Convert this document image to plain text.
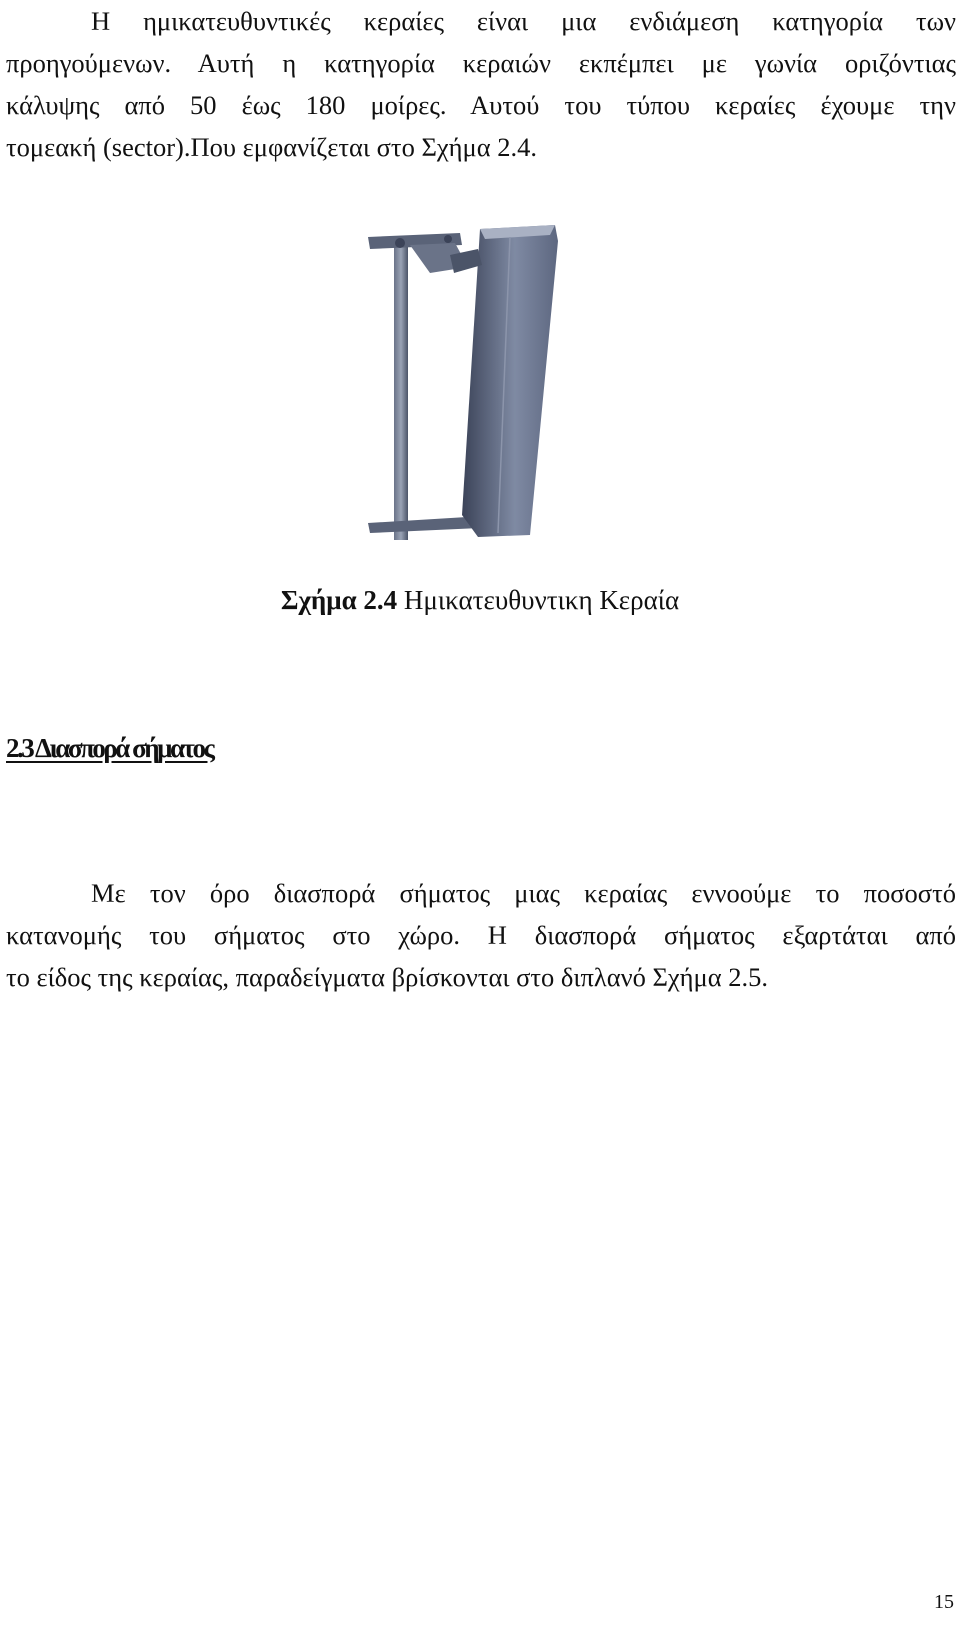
Η ημικατευθυντικές κεραίες είναι μια ενδιάμεση κατηγορία των
προηγούμενων. Αυτή η κατηγορία κεραιών εκπέμπει με γωνία οριζόντιας
κάλυψης από 50 έως 180 μοίρες. Αυτού του τύπου κεραίες έχουμε την
τομεακή (sector).Που εμφανίζεται στο Σχήμα 2.4.
Σχήμα 2.4 Ημικατευθυντικη Κεραία
2.3 Διασπορά σήματος
Με τον όρο διασπορά σήματος μιας κεραίας εννοούμε το ποσοστό
κατανομής του σήματος στο χώρο. Η διασπορά σήματος εξαρτάται από
το είδος της κεραίας, παραδείγματα βρίσκονται στο διπλανό Σχήμα 2.5.
15
